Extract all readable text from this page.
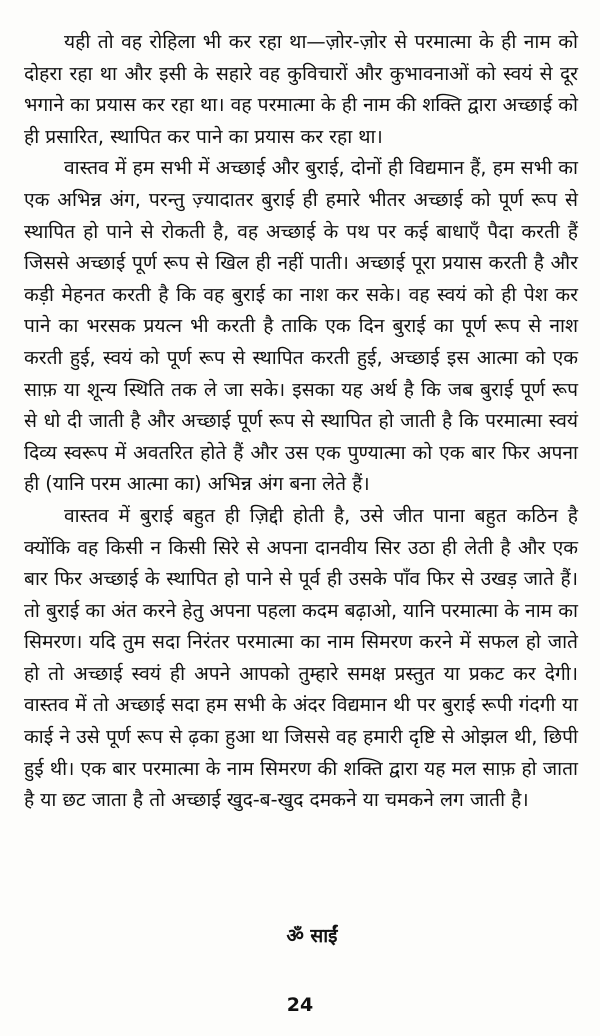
यही तो वह रोहिला भी कर रहा था—ज़ोर-ज़ोर से परमात्मा के ही नाम को दोहरा रहा था और इसी के सहारे वह कुविचारों और कुभावनाओं को स्वयं से दूर भगाने का प्रयास कर रहा था। वह परमात्मा के ही नाम की शक्ति द्वारा अच्छाई को ही प्रसारित, स्थापित कर पाने का प्रयास कर रहा था।

वास्तव में हम सभी में अच्छाई और बुराई, दोनों ही विद्यमान हैं, हम सभी का एक अभिन्न अंग, परन्तु ज़्यादातर बुराई ही हमारे भीतर अच्छाई को पूर्ण रूप से स्थापित हो पाने से रोकती है, वह अच्छाई के पथ पर कई बाधाएँ पैदा करती हैं जिससे अच्छाई पूर्ण रूप से खिल ही नहीं पाती। अच्छाई पूरा प्रयास करती है और कड़ी मेहनत करती है कि वह बुराई का नाश कर सके। वह स्वयं को ही पेश कर पाने का भरसक प्रयत्न भी करती है ताकि एक दिन बुराई का पूर्ण रूप से नाश करती हुई, स्वयं को पूर्ण रूप से स्थापित करती हुई, अच्छाई इस आत्मा को एक साफ़ या शून्य स्थिति तक ले जा सके। इसका यह अर्थ है कि जब बुराई पूर्ण रूप से धो दी जाती है और अच्छाई पूर्ण रूप से स्थापित हो जाती है कि परमात्मा स्वयं दिव्य स्वरूप में अवतरित होते हैं और उस एक पुण्यात्मा को एक बार फिर अपना ही (यानि परम आत्मा का) अभिन्न अंग बना लेते हैं।

वास्तव में बुराई बहुत ही ज़िद्दी होती है, उसे जीत पाना बहुत कठिन है क्योंकि वह किसी न किसी सिरे से अपना दानवीय सिर उठा ही लेती है और एक बार फिर अच्छाई के स्थापित हो पाने से पूर्व ही उसके पाँव फिर से उखड़ जाते हैं। तो बुराई का अंत करने हेतु अपना पहला कदम बढ़ाओ, यानि परमात्मा के नाम का सिमरण। यदि तुम सदा निरंतर परमात्मा का नाम सिमरण करने में सफल हो जाते हो तो अच्छाई स्वयं ही अपने आपको तुम्हारे समक्ष प्रस्तुत या प्रकट कर देगी। वास्तव में तो अच्छाई सदा हम सभी के अंदर विद्यमान थी पर बुराई रूपी गंदगी या काई ने उसे पूर्ण रूप से ढ़का हुआ था जिससे वह हमारी दृष्टि से ओझल थी, छिपी हुई थी। एक बार परमात्मा के नाम सिमरण की शक्ति द्वारा यह मल साफ़ हो जाता है या छट जाता है तो अच्छाई खुद-ब-खुद दमकने या चमकने लग जाती है।

ॐ साईं
24
